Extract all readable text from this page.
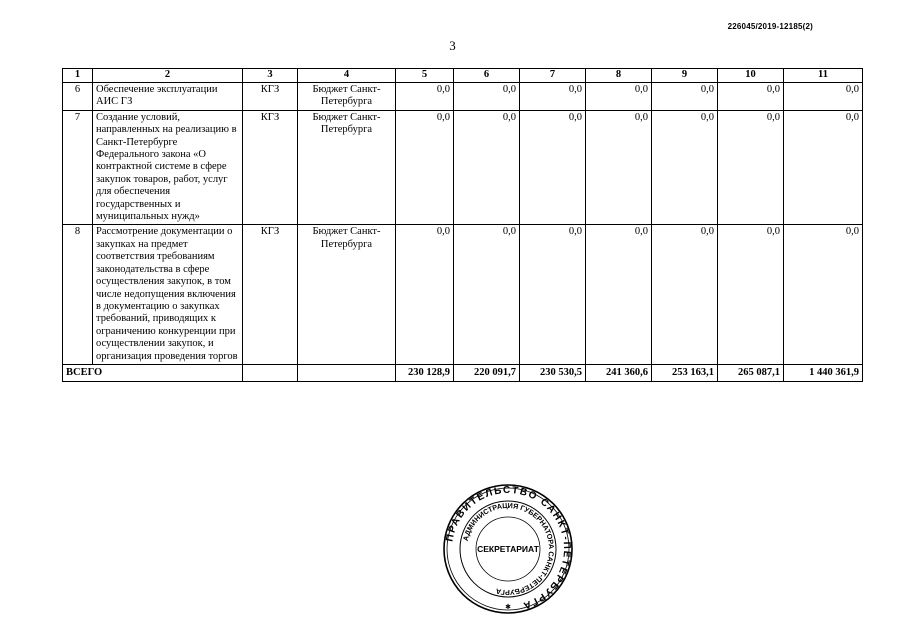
226045/2019-12185(2)
3
1	2	3	4	5	6	7	8	9	10	11
6	Обеспечение эксплуатации АИС ГЗ	КГЗ	Бюджет Санкт-Петербурга	0,0	0,0	0,0	0,0	0,0	0,0	0,0
7	Создание условий, направленных на реализацию в Санкт-Петербурге Федерального закона «О контрактной системе в сфере закупок товаров, работ, услуг для обеспечения государственных и муниципальных нужд»	КГЗ	Бюджет Санкт-Петербурга	0,0	0,0	0,0	0,0	0,0	0,0	0,0
8	Рассмотрение документации о закупках на предмет соответствия требованиям законодательства в сфере осуществления закупок, в том числе недопущения включения в документацию о закупках требований, приводящих к ограничению конкуренции при осуществлении закупок, и организация проведения торгов	КГЗ	Бюджет Санкт-Петербурга	0,0	0,0	0,0	0,0	0,0	0,0	0,0
ВСЕГО				230 128,9	220 091,7	230 530,5	241 360,6	253 163,1	265 087,1	1 440 361,9
ПРАВИТЕЛЬСТВО САНКТ-ПЕТЕРБУРГА
АДМИНИСТРАЦИЯ ГУБЕРНАТОРА САНКТ-ПЕТЕРБУРГА
СЕКРЕТАРИАТ
✱
